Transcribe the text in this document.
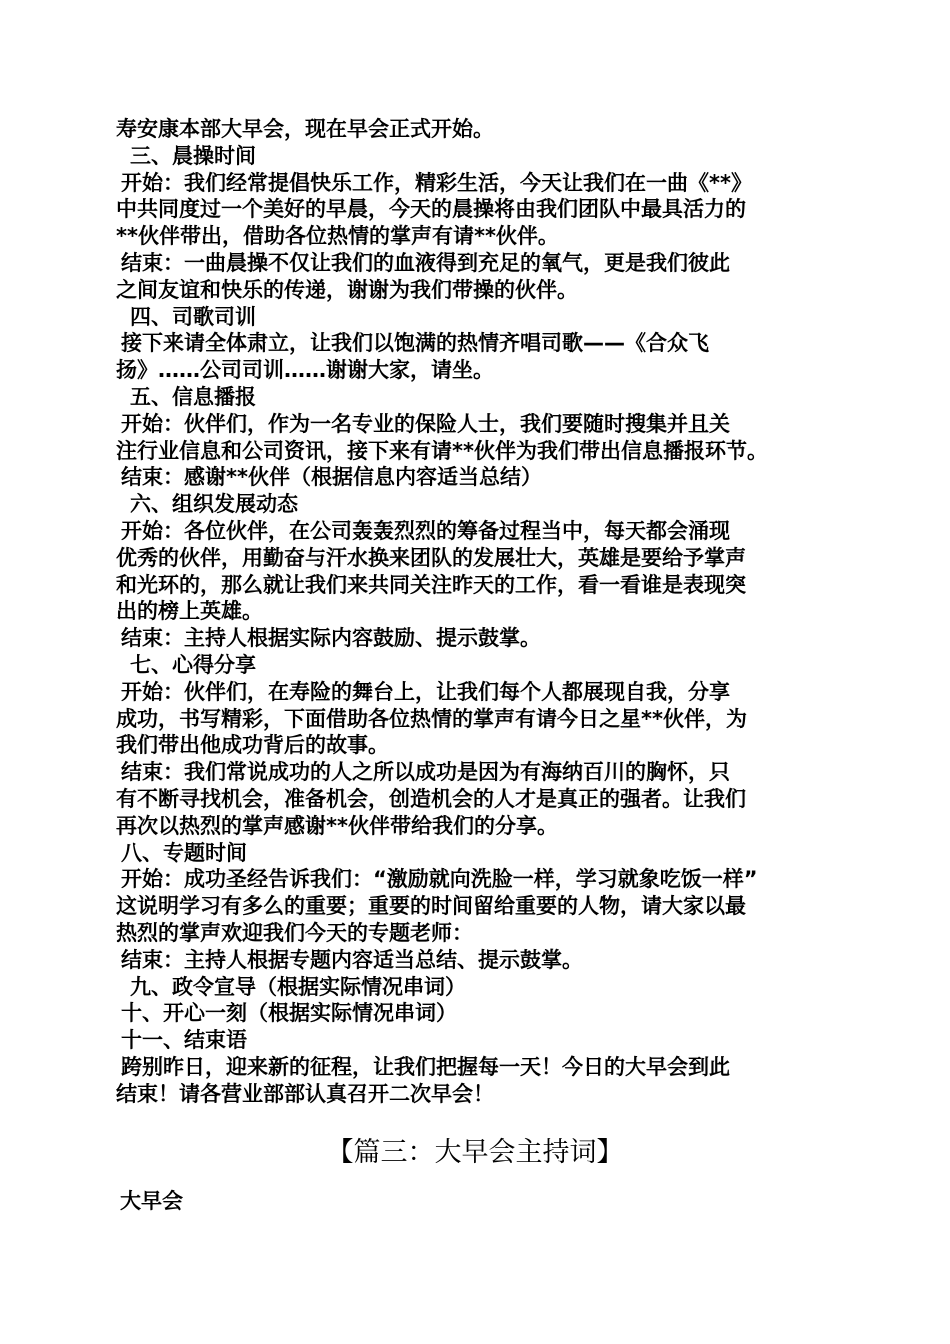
寿安康本部大早会，现在早会正式开始。
三、晨操时间
开始：我们经常提倡快乐工作，精彩生活，今天让我们在一曲《**》
中共同度过一个美好的早晨，今天的晨操将由我们团队中最具活力的
**伙伴带出，借助各位热情的掌声有请**伙伴。
结束：一曲晨操不仅让我们的血液得到充足的氧气，更是我们彼此
之间友谊和快乐的传递，谢谢为我们带操的伙伴。
四、司歌司训
接下来请全体肃立，让我们以饱满的热情齐唱司歌——《合众飞
扬》……公司司训……谢谢大家，请坐。
五、信息播报
开始：伙伴们，作为一名专业的保险人士，我们要随时搜集并且关
注行业信息和公司资讯，接下来有请**伙伴为我们带出信息播报环节。
结束：感谢**伙伴（根据信息内容适当总结）
六、组织发展动态
开始：各位伙伴，在公司轰轰烈烈的筹备过程当中，每天都会涌现
优秀的伙伴，用勤奋与汗水换来团队的发展壮大，英雄是要给予掌声
和光环的，那么就让我们来共同关注昨天的工作，看一看谁是表现突
出的榜上英雄。
结束：主持人根据实际内容鼓励、提示鼓掌。
七、心得分享
开始：伙伴们，在寿险的舞台上，让我们每个人都展现自我，分享
成功，书写精彩，下面借助各位热情的掌声有请今日之星**伙伴，为
我们带出他成功背后的故事。
结束：我们常说成功的人之所以成功是因为有海纳百川的胸怀，只
有不断寻找机会，准备机会，创造机会的人才是真正的强者。让我们
再次以热烈的掌声感谢**伙伴带给我们的分享。
八、专题时间
开始：成功圣经告诉我们：“激励就向洗脸一样，学习就象吃饭一样”
这说明学习有多么的重要；重要的时间留给重要的人物，请大家以最
热烈的掌声欢迎我们今天的专题老师：
结束：主持人根据专题内容适当总结、提示鼓掌。
九、政令宣导（根据实际情况串词）
十、开心一刻（根据实际情况串词）
十一、结束语
跨别昨日，迎来新的征程，让我们把握每一天！今日的大早会到此
结束！请各营业部部认真召开二次早会！
【篇三：大早会主持词】
大早会
